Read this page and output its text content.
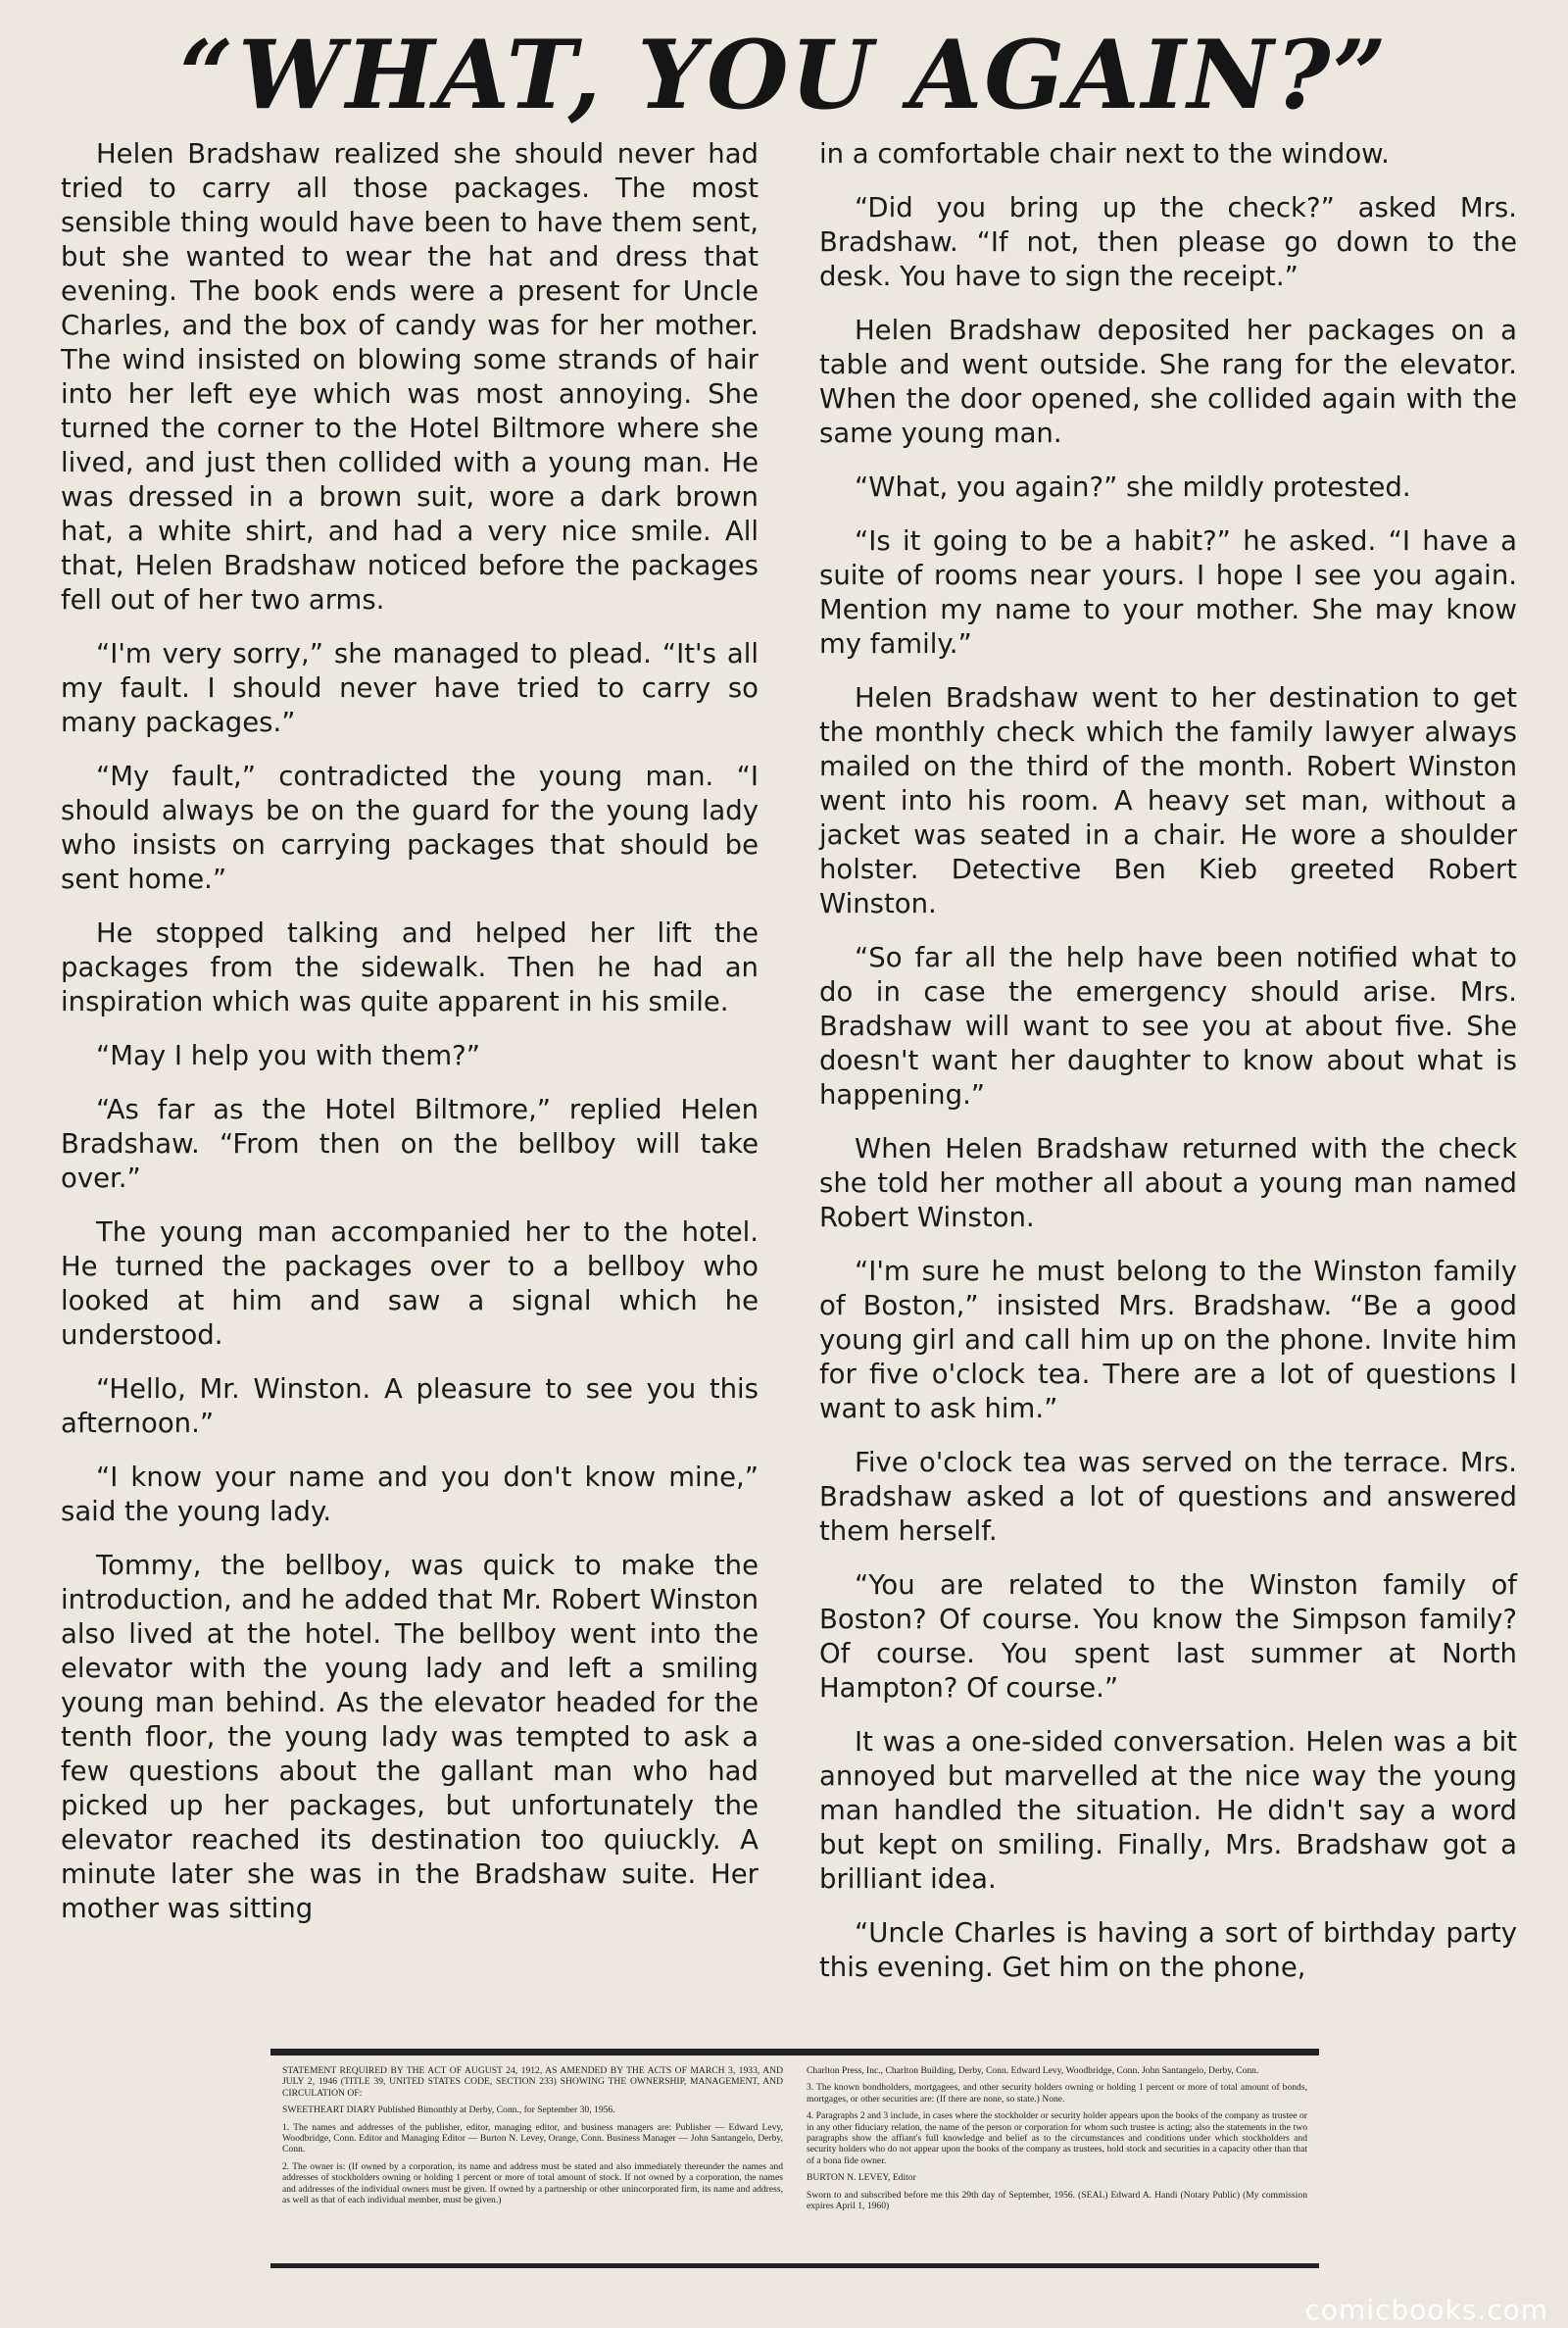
“WHAT, YOU AGAIN?”

Helen Bradshaw realized she should never had tried to carry all those packages. The most sensible thing would have been to have them sent, but she wanted to wear the hat and dress that evening. The book ends were a present for Uncle Charles, and the box of candy was for her mother. The wind insisted on blowing some strands of hair into her left eye which was most annoying. She turned the corner to the Hotel Biltmore where she lived, and just then collided with a young man. He was dressed in a brown suit, wore a dark brown hat, a white shirt, and had a very nice smile. All that, Helen Bradshaw noticed before the packages fell out of her two arms.

“I'm very sorry,” she managed to plead. “It's all my fault. I should never have tried to carry so many packages.”

“My fault,” contradicted the young man. “I should always be on the guard for the young lady who insists on carrying packages that should be sent home.”

He stopped talking and helped her lift the packages from the sidewalk. Then he had an inspiration which was quite apparent in his smile.

“May I help you with them?”

“As far as the Hotel Biltmore,” replied Helen Bradshaw. “From then on the bellboy will take over.”

The young man accompanied her to the hotel. He turned the packages over to a bellboy who looked at him and saw a signal which he understood.

“Hello, Mr. Winston. A pleasure to see you this afternoon.”

“I know your name and you don't know mine,” said the young lady.

Tommy, the bellboy, was quick to make the introduction, and he added that Mr. Robert Winston also lived at the hotel. The bellboy went into the elevator with the young lady and left a smiling young man behind. As the elevator headed for the tenth floor, the young lady was tempted to ask a few questions about the gallant man who had picked up her packages, but unfortunately the elevator reached its destination too quiuckly. A minute later she was in the Bradshaw suite. Her mother was sitting

in a comfortable chair next to the window.

“Did you bring up the check?” asked Mrs. Bradshaw. “If not, then please go down to the desk. You have to sign the receipt.”

Helen Bradshaw deposited her packages on a table and went outside. She rang for the elevator. When the door opened, she collided again with the same young man.

“What, you again?” she mildly protested.

“Is it going to be a habit?” he asked. “I have a suite of rooms near yours. I hope I see you again. Mention my name to your mother. She may know my family.”

Helen Bradshaw went to her destination to get the monthly check which the family lawyer always mailed on the third of the month. Robert Winston went into his room. A heavy set man, without a jacket was seated in a chair. He wore a shoulder holster. Detective Ben Kieb greeted Robert Winston.

“So far all the help have been notified what to do in case the emergency should arise. Mrs. Bradshaw will want to see you at about five. She doesn't want her daughter to know about what is happening.”

When Helen Bradshaw returned with the check she told her mother all about a young man named Robert Winston.

“I'm sure he must belong to the Winston family of Boston,” insisted Mrs. Bradshaw. “Be a good young girl and call him up on the phone. Invite him for five o'clock tea. There are a lot of questions I want to ask him.”

Five o'clock tea was served on the terrace. Mrs. Bradshaw asked a lot of questions and answered them herself.

“You are related to the Winston family of Boston? Of course. You know the Simpson family? Of course. You spent last summer at North Hampton? Of course.”

It was a one-sided conversation. Helen was a bit annoyed but marvelled at the nice way the young man handled the situation. He didn't say a word but kept on smiling. Finally, Mrs. Bradshaw got a brilliant idea.

“Uncle Charles is having a sort of birthday party this evening. Get him on the phone,

STATEMENT REQUIRED BY THE ACT OF AUGUST 24, 1912, AS AMENDED BY THE ACTS OF MARCH 3, 1933, AND JULY 2, 1946 (TITLE 39, UNITED STATES CODE, SECTION 233) SHOWING THE OWNERSHIP, MANAGEMENT, AND CIRCULATION OF:

SWEETHEART DIARY Published Bimonthly at Derby, Conn., for September 30, 1956.

1. The names and addresses of the publisher, editor, managing editor, and business managers are: Publisher — Edward Levy, Woodbridge, Conn. Editor and Managing Editor — Burton N. Levey, Orange, Conn. Business Manager — John Santangelo, Derby, Conn.

2. The owner is: (If owned by a corporation, its name and address must be stated and also immediately thereunder the names and addresses of stockholders owning or holding 1 percent or more of total amount of stock. If not owned by a corporation, the names and addresses of the individual owners must be given. If owned by a partnership or other unincorporated firm, its name and address, as well as that of each individual member, must be given.)

Charlton Press, Inc., Charlton Building, Derby, Conn. Edward Levy, Woodbridge, Conn. John Santangelo, Derby, Conn.

3. The known bondholders, mortgagees, and other security holders owning or holding 1 percent or more of total amount of bonds, mortgages, or other securities are: (If there are none, so state.) None.

4. Paragraphs 2 and 3 include, in cases where the stockholder or security holder appears upon the books of the company as trustee or in any other fiduciary relation, the name of the person or corporation for whom such trustee is acting; also the statements in the two paragraphs show the affiant's full knowledge and belief as to the circumstances and conditions under which stockholders and security holders who do not appear upon the books of the company as trustees, hold stock and securities in a capacity other than that of a bona fide owner.

BURTON N. LEVEY, Editor

Sworn to and subscribed before me this 29th day of September, 1956. (SEAL) Edward A. Handi (Notary Public) (My commission expires April 1, 1960)

comicbooks.com
